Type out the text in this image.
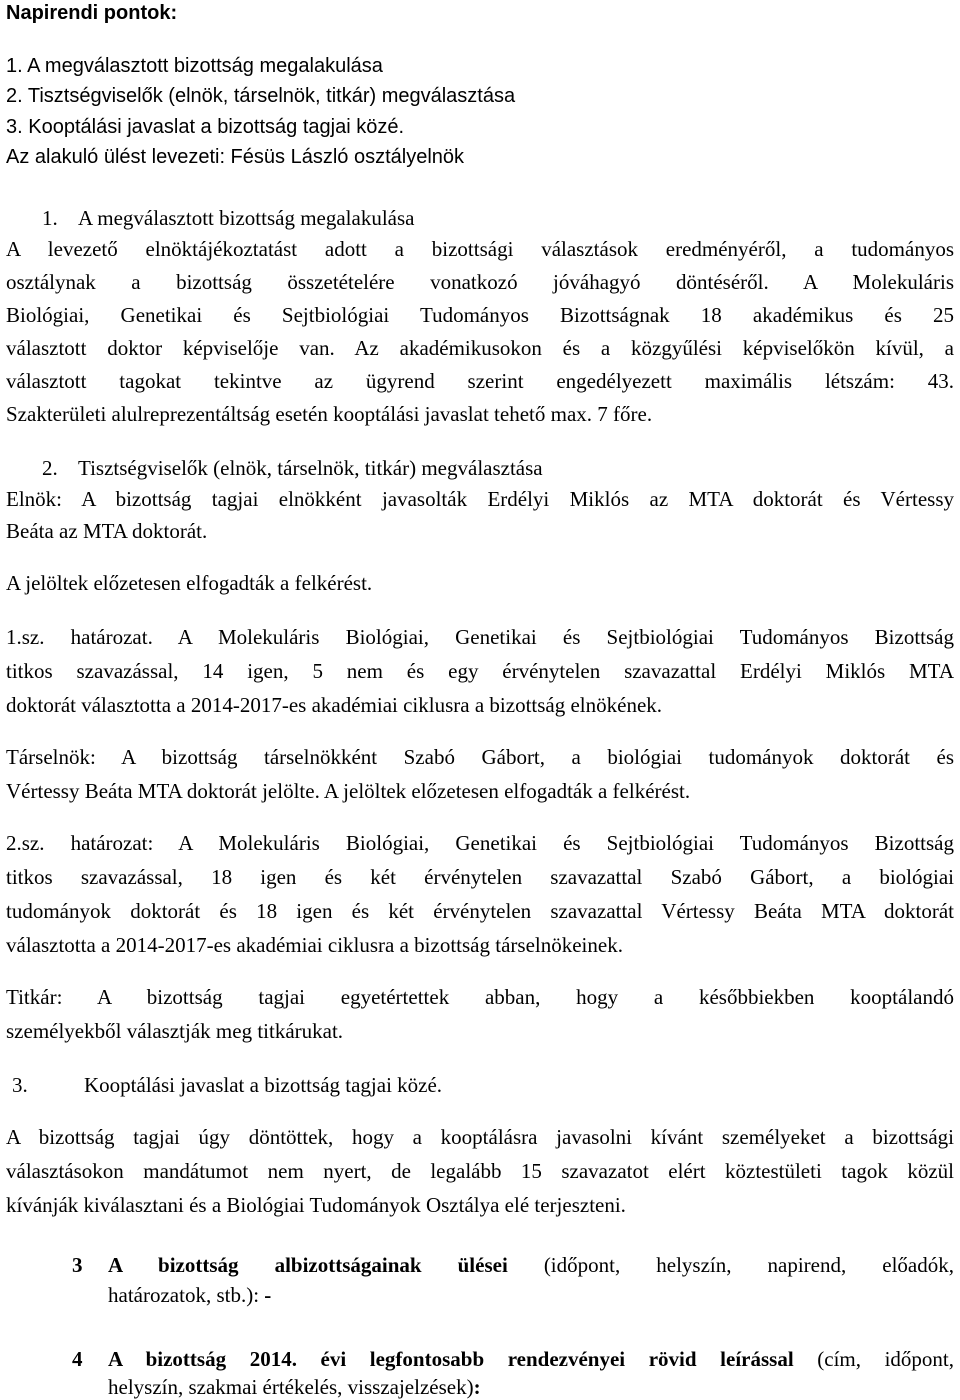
Napirendi pontok:
1. A megválasztott bizottság megalakulása
2. Tisztségviselők (elnök, társelnök, titkár) megválasztása
3. Kooptálási javaslat a bizottság tagjai közé.
Az alakuló ülést levezeti: Fésüs László osztályelnök
1. A megválasztott bizottság megalakulása
A levezető elnöktájékoztatást adott a bizottsági választások eredményéről, a tudományos
osztálynak a bizottság összetételére vonatkozó jóváhagyó döntéséről. A Molekuláris
Biológiai, Genetikai és Sejtbiológiai Tudományos Bizottságnak 18 akadémikus és 25
választott doktor képviselője van. Az akadémikusokon és a közgyűlési képviselőkön kívül, a
választott tagokat tekintve az ügyrend szerint engedélyezett maximális létszám: 43.
Szakterületi alulreprezentáltság esetén kooptálási javaslat tehető max. 7 főre.
2. Tisztségviselők (elnök, társelnök, titkár) megválasztása
Elnök: A bizottság tagjai elnökként javasolták Erdélyi Miklós az MTA doktorát és Vértessy
Beáta az MTA doktorát.
A jelöltek előzetesen elfogadták a felkérést.
1.sz. határozat. A Molekuláris Biológiai, Genetikai és Sejtbiológiai Tudományos Bizottság
titkos szavazással, 14 igen, 5 nem és egy érvénytelen szavazattal Erdélyi Miklós MTA
doktorát választotta a 2014-2017-es akadémiai ciklusra a bizottság elnökének.
Társelnök: A bizottság társelnökként Szabó Gábort, a biológiai tudományok doktorát és
Vértessy Beáta MTA doktorát jelölte. A jelöltek előzetesen elfogadták a felkérést.
2.sz. határozat: A Molekuláris Biológiai, Genetikai és Sejtbiológiai Tudományos Bizottság
titkos szavazással, 18 igen és két érvénytelen szavazattal Szabó Gábort, a biológiai
tudományok doktorát és 18 igen és két érvénytelen szavazattal Vértessy Beáta MTA doktorát
választotta a 2014-2017-es akadémiai ciklusra a bizottság társelnökeinek.
Titkár: A bizottság tagjai egyetértettek abban, hogy a későbbiekben kooptálandó
személyekből választják meg titkárukat.
3.	Kooptálási javaslat a bizottság tagjai közé.
A bizottság tagjai úgy döntöttek, hogy a kooptálásra javasolni kívánt személyeket a bizottsági
választásokon mandátumot nem nyert, de legalább 15 szavazatot elért köztestületi tagok közül
kívánják kiválasztani és a Biológiai Tudományok Osztálya elé terjeszteni.
3 A bizottság albizottságainak ülései (időpont, helyszín, napirend, előadók,
határozatok, stb.): -
4 A bizottság 2014. évi legfontosabb rendezvényei rövid leírással (cím, időpont,
helyszín, szakmai értékelés, visszajelzések):
